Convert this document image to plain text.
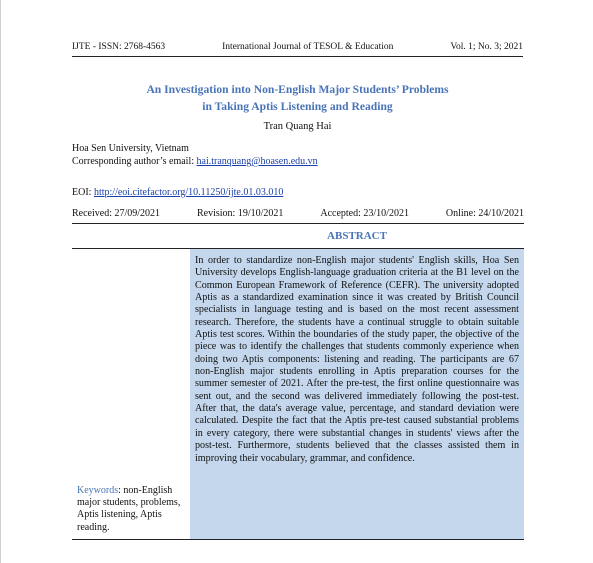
IJTE - ISSN: 2768-4563	International Journal of TESOL & Education	Vol. 1; No. 3; 2021
An Investigation into Non-English Major Students’ Problems
in Taking Aptis Listening and Reading
Tran Quang Hai
Hoa Sen University, Vietnam
Corresponding author’s email: hai.tranquang@hoasen.edu.vn
EOI: http://eoi.citefactor.org/10.11250/ijte.01.03.010
Received: 27/09/2021	Revision: 19/10/2021	Accepted: 23/10/2021	Online: 24/10/2021
ABSTRACT
Keywords: non-English major students, problems, Aptis listening, Aptis reading.

In order to standardize non-English major students' English skills, Hoa Sen University develops English-language graduation criteria at the B1 level on the Common European Framework of Reference (CEFR). The university adopted Aptis as a standardized examination since it was created by British Council specialists in language testing and is based on the most recent assessment research. Therefore, the students have a continual struggle to obtain suitable Aptis test scores. Within the boundaries of the study paper, the objective of the piece was to identify the challenges that students commonly experience when doing two Aptis components: listening and reading. The participants are 67 non-English major students enrolling in Aptis preparation courses for the summer semester of 2021. After the pre-test, the first online questionnaire was sent out, and the second was delivered immediately following the post-test. After that, the data's average value, percentage, and standard deviation were calculated. Despite the fact that the Aptis pre-test caused substantial problems in every category, there were substantial changes in students' views after the post-test. Furthermore, students believed that the classes assisted them in improving their vocabulary, grammar, and confidence.
